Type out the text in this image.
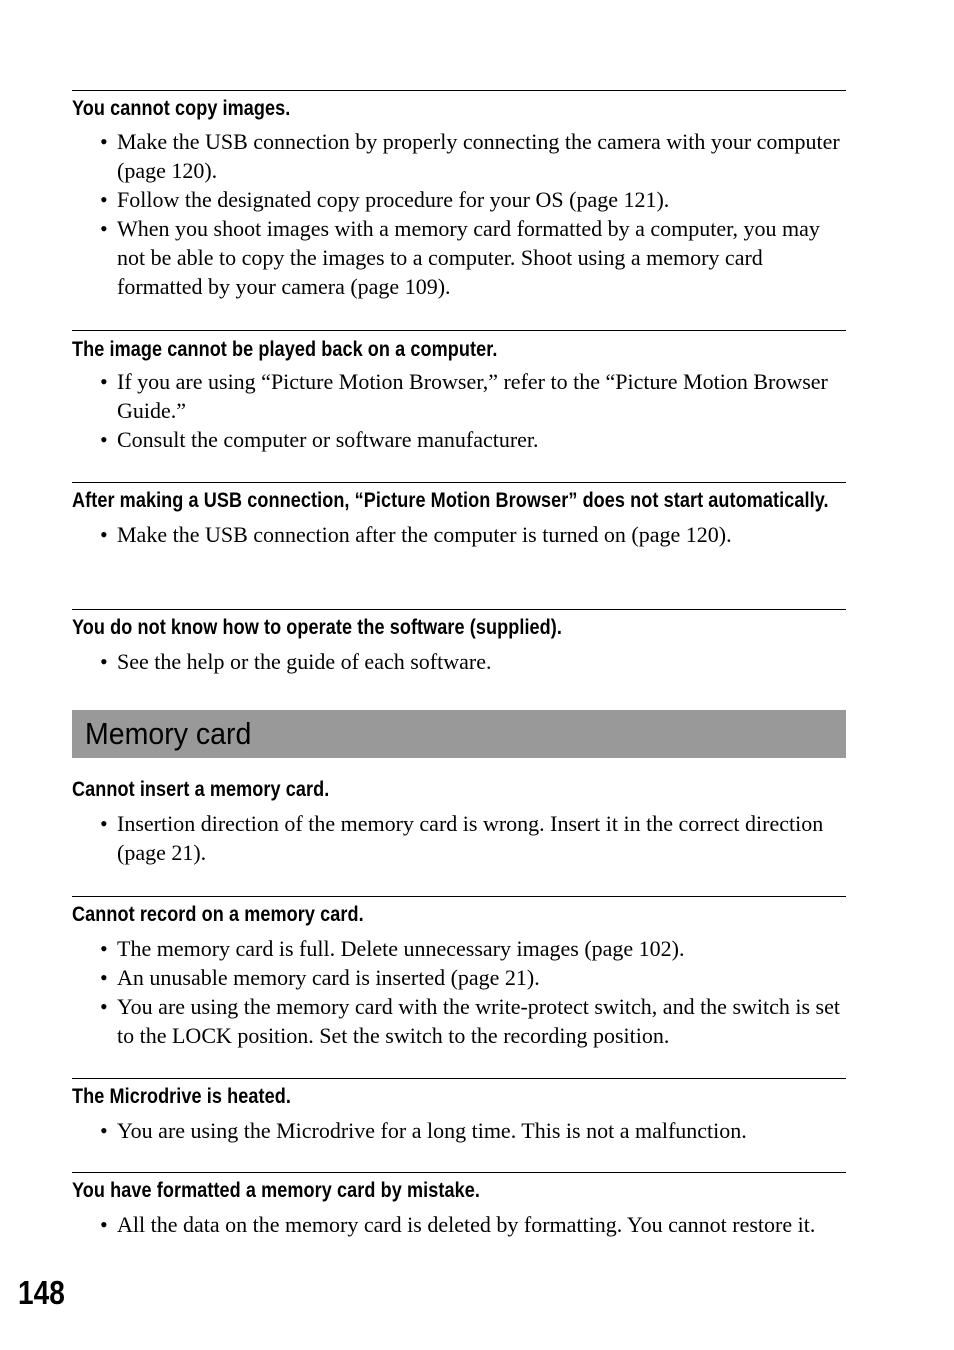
You cannot copy images.
• Make the USB connection by properly connecting the camera with your computer (page 120).
• Follow the designated copy procedure for your OS (page 121).
• When you shoot images with a memory card formatted by a computer, you may not be able to copy the images to a computer. Shoot using a memory card formatted by your camera (page 109).
The image cannot be played back on a computer.
• If you are using “Picture Motion Browser,” refer to the “Picture Motion Browser Guide.”
• Consult the computer or software manufacturer.
After making a USB connection, “Picture Motion Browser” does not start automatically.
• Make the USB connection after the computer is turned on (page 120).
You do not know how to operate the software (supplied).
• See the help or the guide of each software.
Memory card
Cannot insert a memory card.
• Insertion direction of the memory card is wrong. Insert it in the correct direction (page 21).
Cannot record on a memory card.
• The memory card is full. Delete unnecessary images (page 102).
• An unusable memory card is inserted (page 21).
• You are using the memory card with the write-protect switch, and the switch is set to the LOCK position. Set the switch to the recording position.
The Microdrive is heated.
• You are using the Microdrive for a long time. This is not a malfunction.
You have formatted a memory card by mistake.
• All the data on the memory card is deleted by formatting. You cannot restore it.
148
